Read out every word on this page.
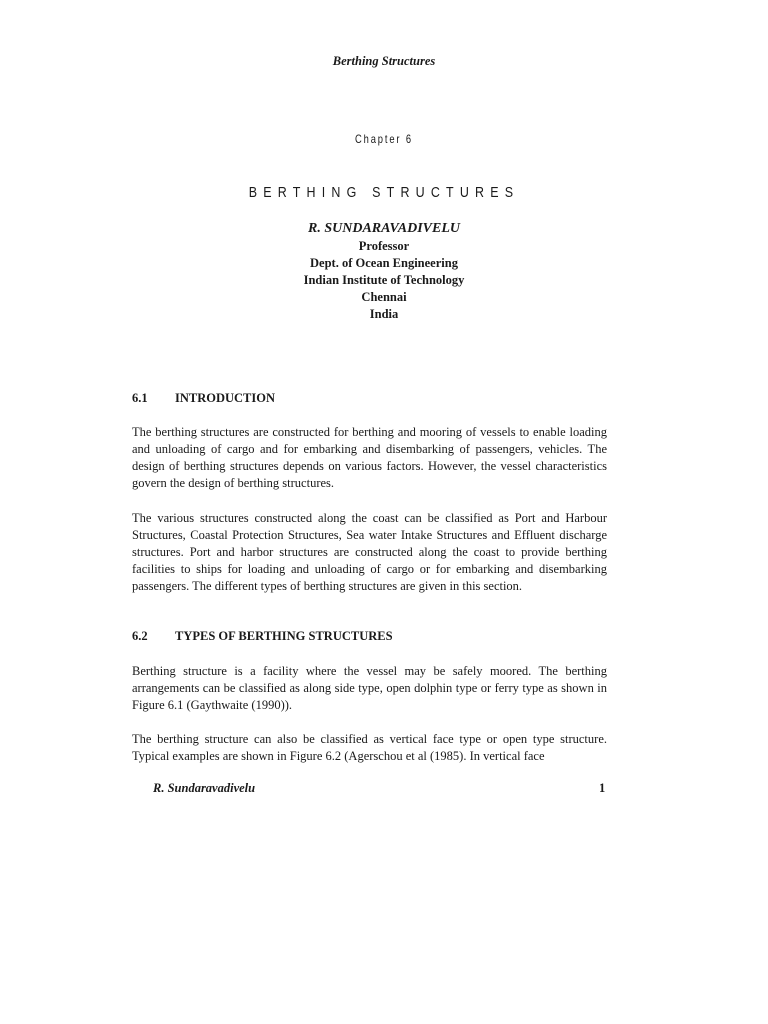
Berthing Structures
Chapter 6
BERTHING STRUCTURES
R. SUNDARAVADIVELU
Professor
Dept. of Ocean Engineering
Indian Institute of Technology
Chennai
India
6.1 INTRODUCTION

The berthing structures are constructed for berthing and mooring of vessels to enable loading and unloading of cargo and for embarking and disembarking of passengers, vehicles. The design of berthing structures depends on various factors. However, the vessel characteristics govern the design of berthing structures.

The various structures constructed along the coast can be classified as Port and Harbour Structures, Coastal Protection Structures, Sea water Intake Structures and Effluent discharge structures. Port and harbor structures are constructed along the coast to provide berthing facilities to ships for loading and unloading of cargo or for embarking and disembarking passengers. The different types of berthing structures are given in this section.

6.2 TYPES OF BERTHING STRUCTURES

Berthing structure is a facility where the vessel may be safely moored. The berthing arrangements can be classified as along side type, open dolphin type or ferry type as shown in Figure 6.1 (Gaythwaite (1990)).

The berthing structure can also be classified as vertical face type or open type structure. Typical examples are shown in Figure 6.2 (Agerschou et al (1985). In vertical face

R. Sundaravadivelu	1
